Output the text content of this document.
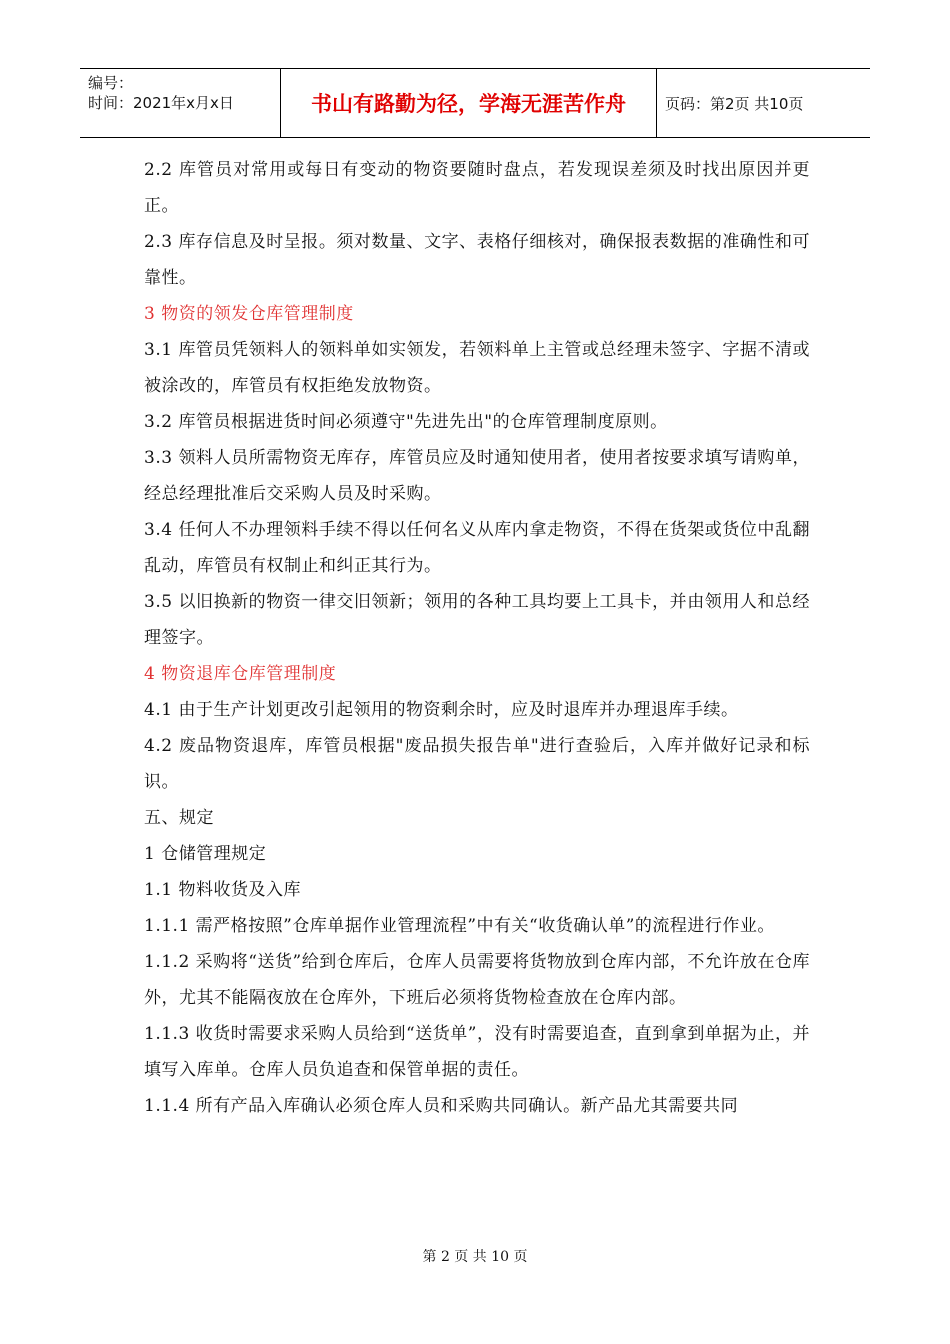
编号：
时间：2021年x月x日	书山有路勤为径，学海无涯苦作舟	页码：第2页 共10页

2.2 库管员对常用或每日有变动的物资要随时盘点，若发现误差须及时找出原因并更正。

2.3 库存信息及时呈报。须对数量、文字、表格仔细核对，确保报表数据的准确性和可靠性。

3 物资的领发仓库管理制度

3.1 库管员凭领料人的领料单如实领发，若领料单上主管或总经理未签字、字据不清或被涂改的，库管员有权拒绝发放物资。

3.2 库管员根据进货时间必须遵守"先进先出"的仓库管理制度原则。

3.3 领料人员所需物资无库存，库管员应及时通知使用者，使用者按要求填写请购单，经总经理批准后交采购人员及时采购。

3.4 任何人不办理领料手续不得以任何名义从库内拿走物资，不得在货架或货位中乱翻乱动，库管员有权制止和纠正其行为。

3.5 以旧换新的物资一律交旧领新；领用的各种工具均要上工具卡，并由领用人和总经理签字。

4 物资退库仓库管理制度

4.1 由于生产计划更改引起领用的物资剩余时，应及时退库并办理退库手续。

4.2 废品物资退库，库管员根据"废品损失报告单"进行查验后，入库并做好记录和标识。

五、规定

1 仓储管理规定

1.1 物料收货及入库

1.1.1 需严格按照”仓库单据作业管理流程”中有关“收货确认单”的流程进行作业。

1.1.2 采购将“送货”给到仓库后，仓库人员需要将货物放到仓库内部，不允许放在仓库外，尤其不能隔夜放在仓库外，下班后必须将货物检查放在仓库内部。

1.1.3 收货时需要求采购人员给到“送货单”，没有时需要追查，直到拿到单据为止，并填写入库单。仓库人员负追查和保管单据的责任。

1.1.4 所有产品入库确认必须仓库人员和采购共同确认。新产品尤其需要共同

第 2 页 共 10 页
